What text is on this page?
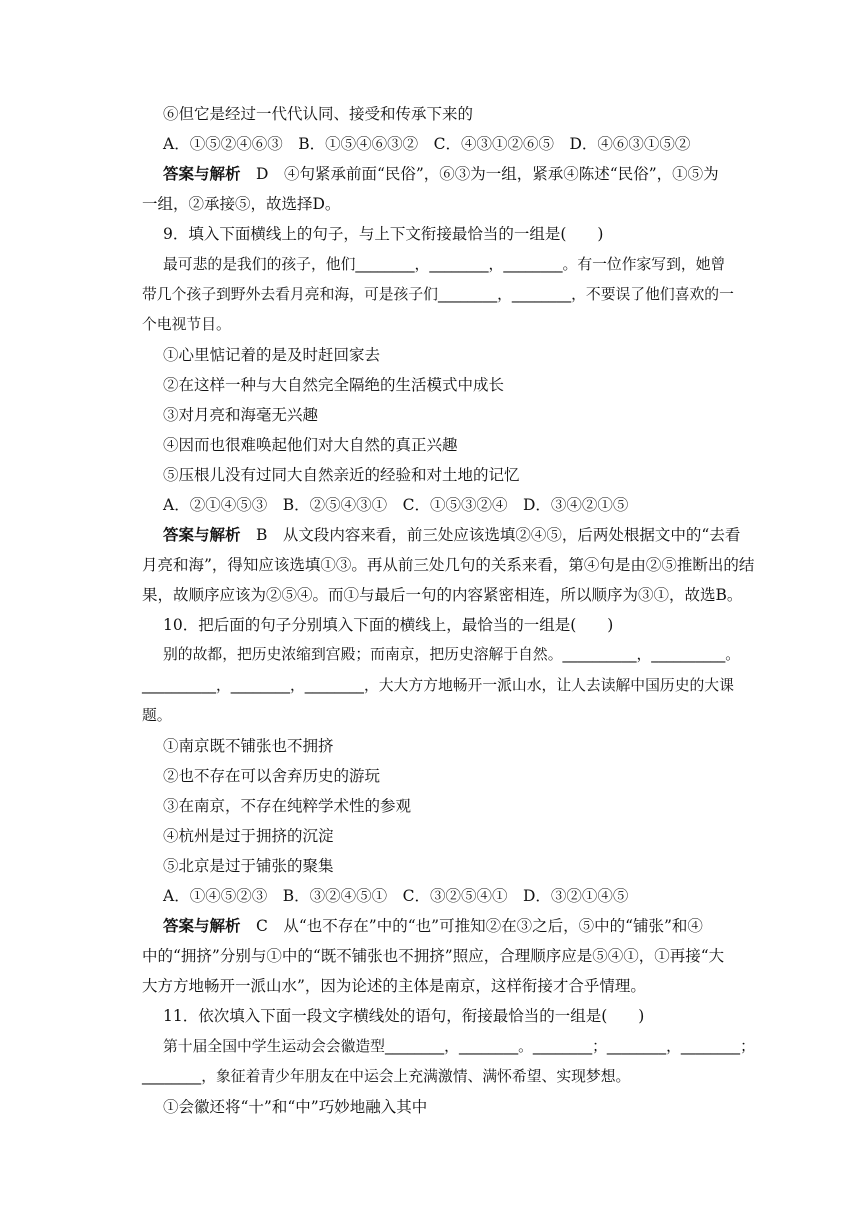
⑥但它是经过一代代认同、接受和传承下来的
A．①⑤②④⑥③　B．①⑤④⑥③②　C．④③①②⑥⑤　D．④⑥③①⑤②
答案与解析　D　④句紧承前面“民俗”，⑥③为一组，紧承④陈述“民俗”，①⑤为
一组，②承接⑤，故选择D。
9．填入下面横线上的句子，与上下文衔接最恰当的一组是(　　)
最可悲的是我们的孩子，他们________，________，________。有一位作家写到，她曾
带几个孩子到野外去看月亮和海，可是孩子们________，________，不要误了他们喜欢的一
个电视节目。
①心里惦记着的是及时赶回家去
②在这样一种与大自然完全隔绝的生活模式中成长
③对月亮和海毫无兴趣
④因而也很难唤起他们对大自然的真正兴趣
⑤压根儿没有过同大自然亲近的经验和对土地的记忆
A．②①④⑤③　B．②⑤④③①　C．①⑤③②④　D．③④②①⑤
答案与解析　B　从文段内容来看，前三处应该选填②④⑤，后两处根据文中的“去看
月亮和海”，得知应该选填①③。再从前三处几句的关系来看，第④句是由②⑤推断出的结
果，故顺序应该为②⑤④。而①与最后一句的内容紧密相连，所以顺序为③①，故选B。
10．把后面的句子分别填入下面的横线上，最恰当的一组是(　　)
别的故都，把历史浓缩到宫殿；而南京，把历史溶解于自然。__________，__________。
__________，________，________，大大方方地畅开一派山水，让人去读解中国历史的大课
题。
①南京既不铺张也不拥挤
②也不存在可以舍弃历史的游玩
③在南京，不存在纯粹学术性的参观
④杭州是过于拥挤的沉淀
⑤北京是过于铺张的聚集
A．①④⑤②③　B．③②④⑤①　C．③②⑤④①　D．③②①④⑤
答案与解析　C　从“也不存在”中的“也”可推知②在③之后，⑤中的“铺张”和④
中的“拥挤”分别与①中的“既不铺张也不拥挤”照应，合理顺序应是⑤④①，①再接“大
大方方地畅开一派山水”，因为论述的主体是南京，这样衔接才合乎情理。
11．依次填入下面一段文字横线处的语句，衔接最恰当的一组是(　　)
第十届全国中学生运动会会徽造型________，________。________；________，________；
________，象征着青少年朋友在中运会上充满激情、满怀希望、实现梦想。
①会徽还将“十”和“中”巧妙地融入其中
